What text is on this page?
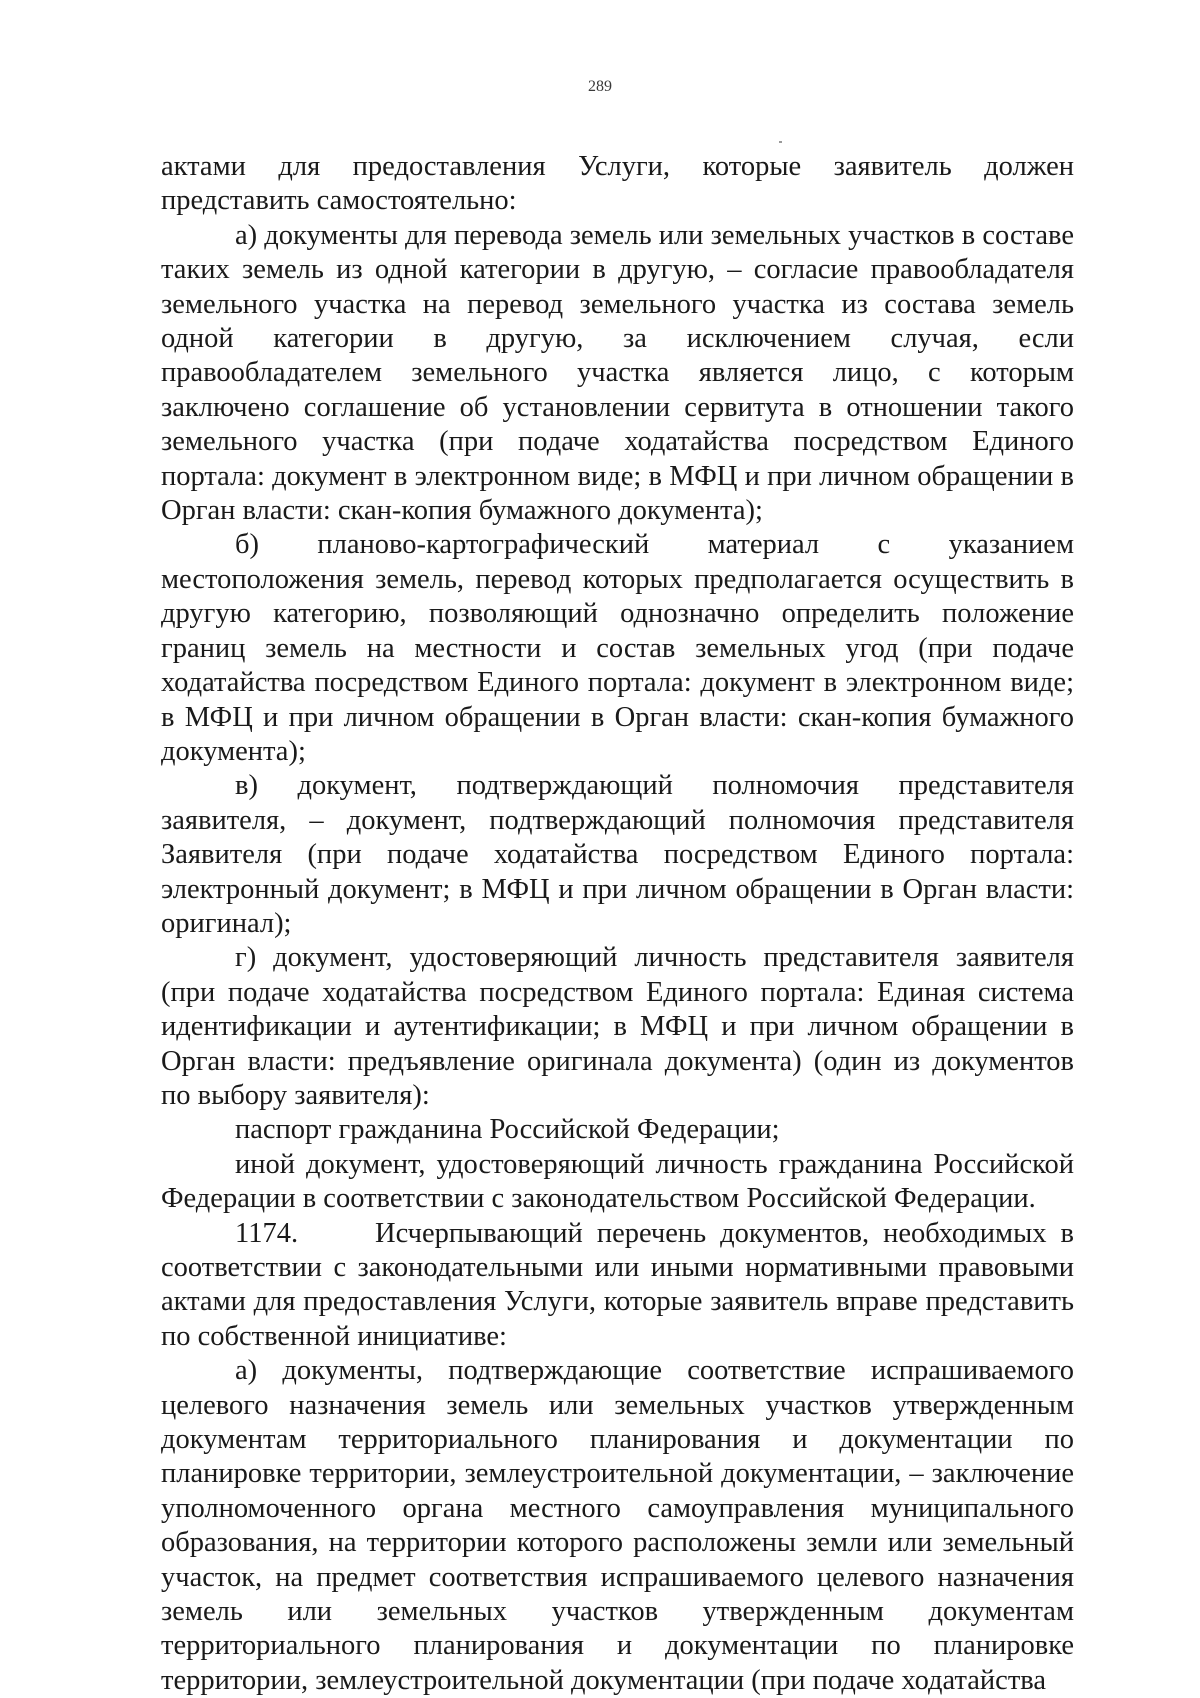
289

актами для предоставления Услуги, которые заявитель должен представить самостоятельно:

а) документы для перевода земель или земельных участков в составе таких земель из одной категории в другую, – согласие правообладателя земельного участка на перевод земельного участка из состава земель одной категории в другую, за исключением случая, если правообладателем земельного участка является лицо, с которым заключено соглашение об установлении сервитута в отношении такого земельного участка (при подаче ходатайства посредством Единого портала: документ в электронном виде; в МФЦ и при личном обращении в Орган власти: скан-копия бумажного документа);

б) планово-картографический материал с указанием местоположения земель, перевод которых предполагается осуществить в другую категорию, позволяющий однозначно определить положение границ земель на местности и состав земельных угод (при подаче ходатайства посредством Единого портала: документ в электронном виде; в МФЦ и при личном обращении в Орган власти: скан-копия бумажного документа);

в) документ, подтверждающий полномочия представителя заявителя, – документ, подтверждающий полномочия представителя Заявителя (при подаче ходатайства посредством Единого портала: электронный документ; в МФЦ и при личном обращении в Орган власти: оригинал);

г) документ, удостоверяющий личность представителя заявителя (при подаче ходатайства посредством Единого портала: Единая система идентификации и аутентификации; в МФЦ и при личном обращении в Орган власти: предъявление оригинала документа) (один из документов по выбору заявителя):

паспорт гражданина Российской Федерации;

иной документ, удостоверяющий личность гражданина Российской Федерации в соответствии с законодательством Российской Федерации.

1174.	Исчерпывающий перечень документов, необходимых в соответствии с законодательными или иными нормативными правовыми актами для предоставления Услуги, которые заявитель вправе представить по собственной инициативе:

а) документы, подтверждающие соответствие испрашиваемого целевого назначения земель или земельных участков утвержденным документам территориального планирования и документации по планировке территории, землеустроительной документации, – заключение уполномоченного органа местного самоуправления муниципального образования, на территории которого расположены земли или земельный участок, на предмет соответствия испрашиваемого целевого назначения земель или земельных участков утвержденным документам территориального планирования и документации по планировке территории, землеустроительной документации (при подаче ходатайства
